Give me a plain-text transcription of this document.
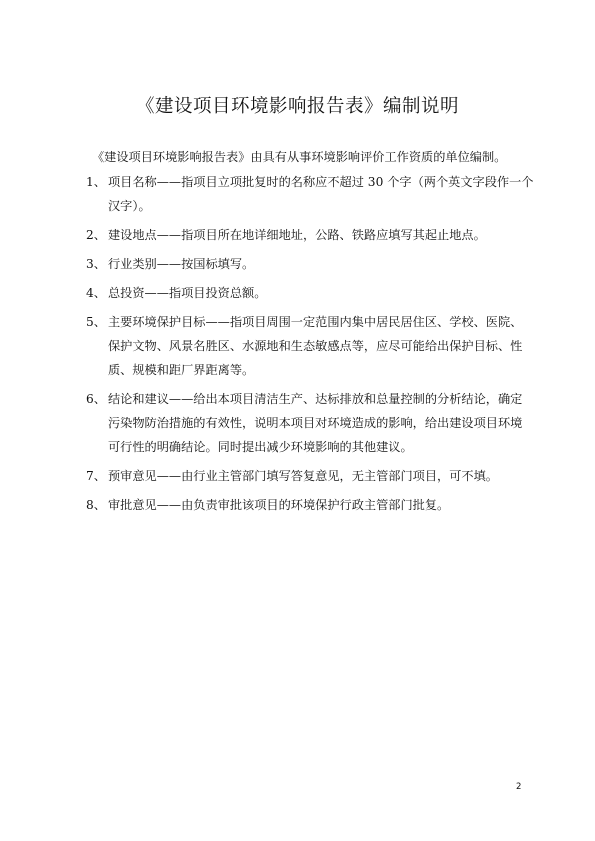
《建设项目环境影响报告表》编制说明
《建设项目环境影响报告表》由具有从事环境影响评价工作资质的单位编制。
1、 项目名称——指项目立项批复时的名称应不超过 30 个字（两个英文字段作一个
汉字）。
2、 建设地点——指项目所在地详细地址，公路、铁路应填写其起止地点。
3、 行业类别——按国标填写。
4、 总投资——指项目投资总额。
5、 主要环境保护目标——指项目周围一定范围内集中居民居住区、学校、医院、
保护文物、风景名胜区、水源地和生态敏感点等，应尽可能给出保护目标、性
质、规模和距厂界距离等。
6、 结论和建议——给出本项目清洁生产、达标排放和总量控制的分析结论，确定
污染物防治措施的有效性，说明本项目对环境造成的影响，给出建设项目环境
可行性的明确结论。同时提出减少环境影响的其他建议。
7、 预审意见——由行业主管部门填写答复意见，无主管部门项目，可不填。
8、 审批意见——由负责审批该项目的环境保护行政主管部门批复。
2
